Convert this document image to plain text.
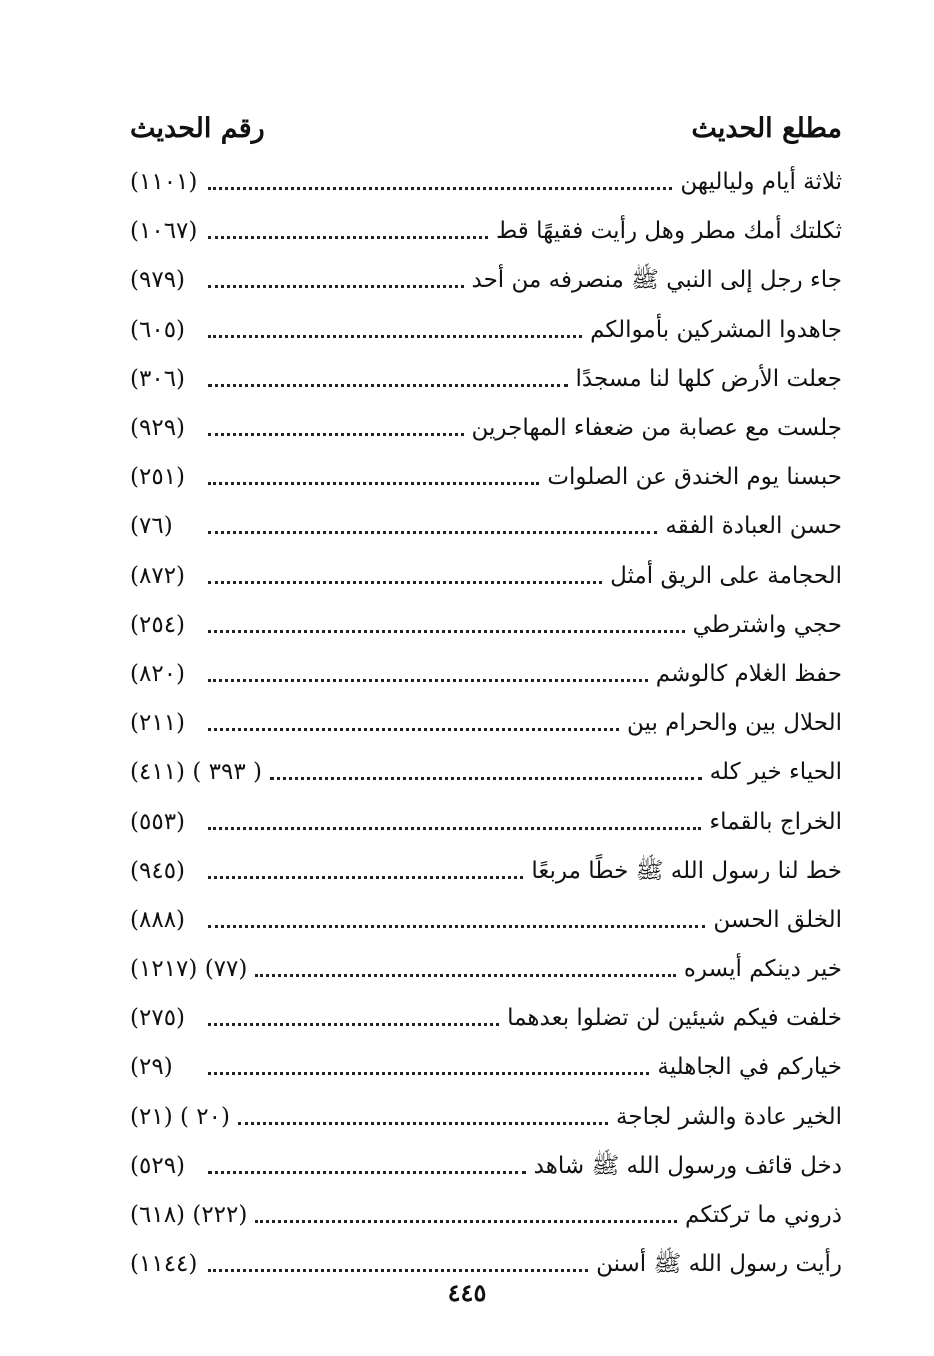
مطلع الحديث
رقم الحديث
ثلاثة أيام ولياليهن
(١١٠١)
ثكلتك أمك مطر وهل رأيت فقيهًا قط
(١٠٦٧)
جاء رجل إلى النبي ﷺ منصرفه من أحد
(٩٧٩)
جاهدوا المشركين بأموالكم
(٦٠٥)
جعلت الأرض كلها لنا مسجدًا
(٣٠٦)
جلست مع عصابة من ضعفاء المهاجرين
(٩٢٩)
حبسنا يوم الخندق عن الصلوات
(٢٥١)
حسن العبادة الفقه
(٧٦)
الحجامة على الريق أمثل
(٨٧٢)
حجي واشترطي
(٢٥٤)
حفظ الغلام كالوشم
(٨٢٠)
الحلال بين والحرام بين
(٢١١)
الحياء خير كله
( ٣٩٣ ) (٤١١)
الخراج بالقماء
(٥٥٣)
خط لنا رسول الله ﷺ خطًا مربعًا
(٩٤٥)
الخلق الحسن
(٨٨٨)
خير دينكم أيسره
(٧٧) (١٢١٧)
خلفت فيكم شيئين لن تضلوا بعدهما
(٢٧٥)
خياركم في الجاهلية
(٢٩)
الخير عادة والشر لجاجة
(٢٠ ) (٢١)
دخل قائف ورسول الله ﷺ شاهد
(٥٢٩)
ذروني ما تركتكم
(٢٢٢) (٦١٨)
رأيت رسول الله ﷺ أسنن
(١١٤٤)
٤٤٥
